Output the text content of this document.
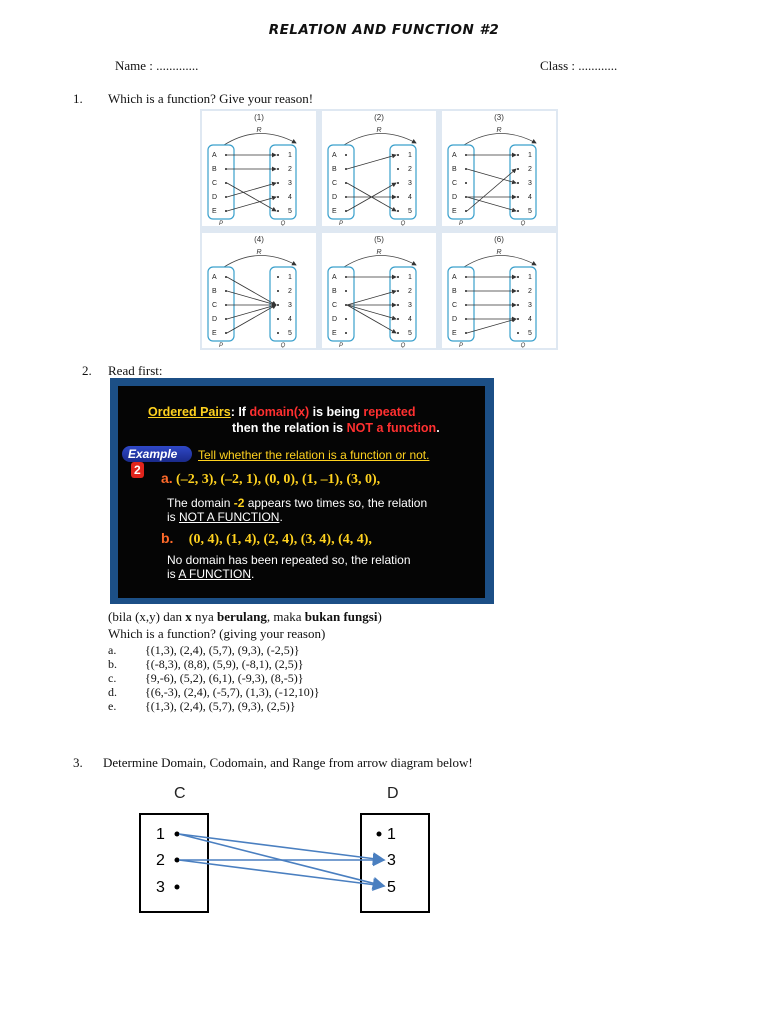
RELATION AND FUNCTION #2
Name : .............	Class : ............
1. Which is a function? Give your reason!
(1)
R
A
B
C
D
E
1
2
3
4
5
P	Q
(2)
R
A
B
C
D
E
1
2
3
4
5
P	Q
(3)
R
A
B
C
D
E
1
2
3
4
5
P	Q
(4)
R
A
B
C
D
E
1
2
3
4
5
P	Q
(5)
R
A
B
C
D
E
1
2
3
4
5
P	Q
(6)
R
A
B
C
D
E
1
2
3
4
5
P	Q
2. Read first:
Ordered Pairs: If domain(x) is being repeated
then the relation is NOT a function.
Example2
Tell whether the relation is a function or not.
a. (–2, 3), (–2, 1), (0, 0), (1, –1), (3, 0),
The domain -2 appears two times so, the relation
is NOT A FUNCTION.
b. (0, 4), (1, 4), (2, 4), (3, 4), (4, 4),
No domain has been repeated so, the relation
is A FUNCTION.
(bila (x,y) dan x nya berulang, maka bukan fungsi)
Which is a function? (giving your reason)
a. {(1,3), (2,4), (5,7), (9,3), (-2,5)}
b. {(-8,3), (8,8), (5,9), (-8,1), (2,5)}
c. {9,-6), (5,2), (6,1), (-9,3), (8,-5)}
d. {(6,-3), (2,4), (-5,7), (1,3), (-12,10)}
e. {(1,3), (2,4), (5,7), (9,3), (2,5)}
3. Determine Domain, Codomain, and Range from arrow diagram below!
C	D
1
2
3
1
3
5
